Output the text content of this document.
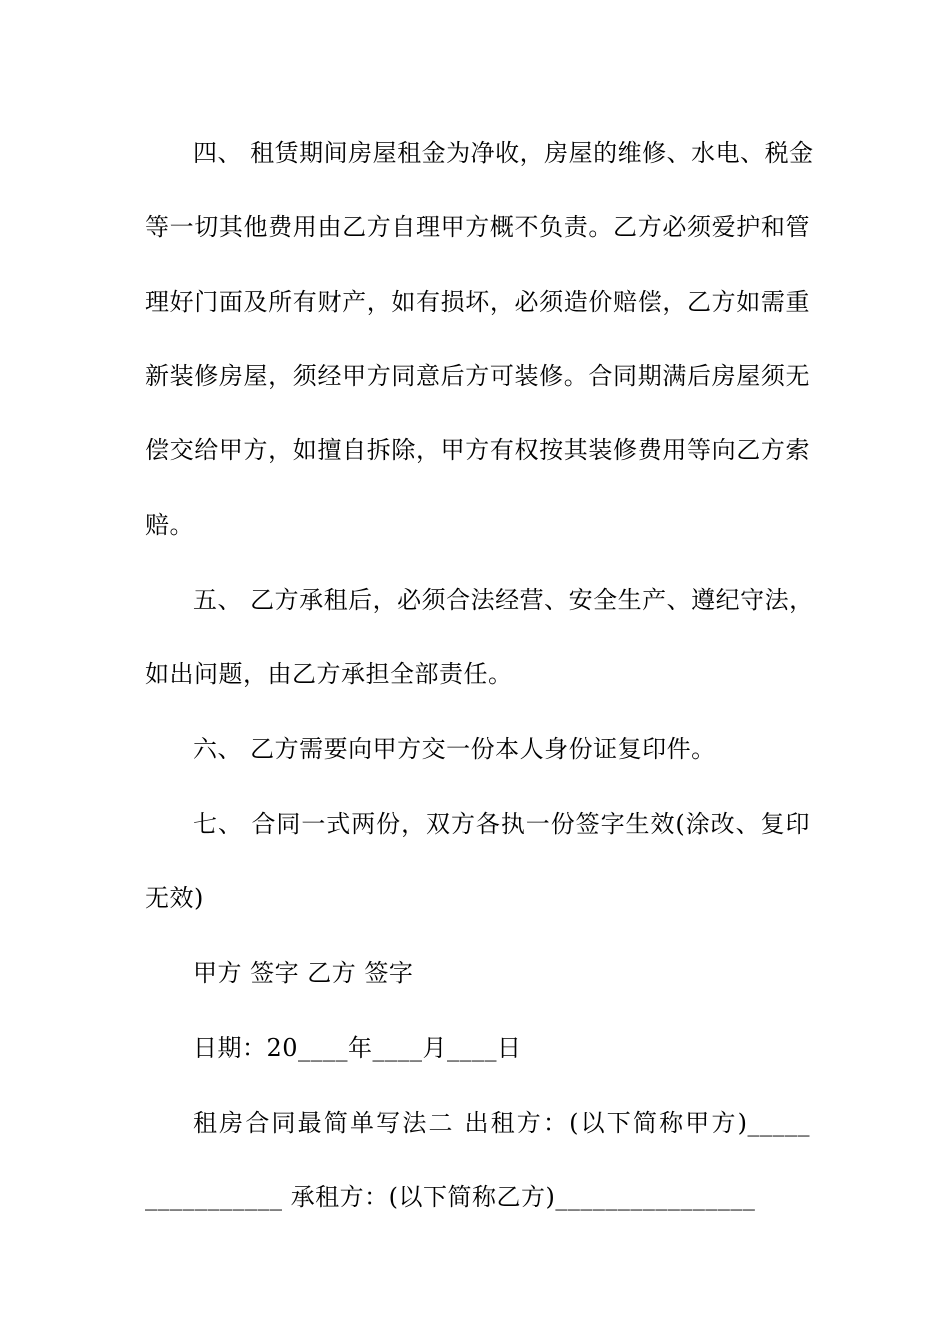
四、 租赁期间房屋租金为净收，房屋的维修、水电、税金
等一切其他费用由乙方自理甲方概不负责。乙方必须爱护和管
理好门面及所有财产，如有损坏，必须造价赔偿，乙方如需重
新装修房屋，须经甲方同意后方可装修。合同期满后房屋须无
偿交给甲方，如擅自拆除，甲方有权按其装修费用等向乙方索
赔。
五、 乙方承租后，必须合法经营、安全生产、遵纪守法，
如出问题，由乙方承担全部责任。
六、 乙方需要向甲方交一份本人身份证复印件。
七、 合同一式两份，双方各执一份签字生效(涂改、复印
无效)
甲方 签字 乙方 签字
日期：20____年____月____日
租房合同最简单写法二 出租方：(以下简称甲方)_____
___________ 承租方：(以下简称乙方)________________
